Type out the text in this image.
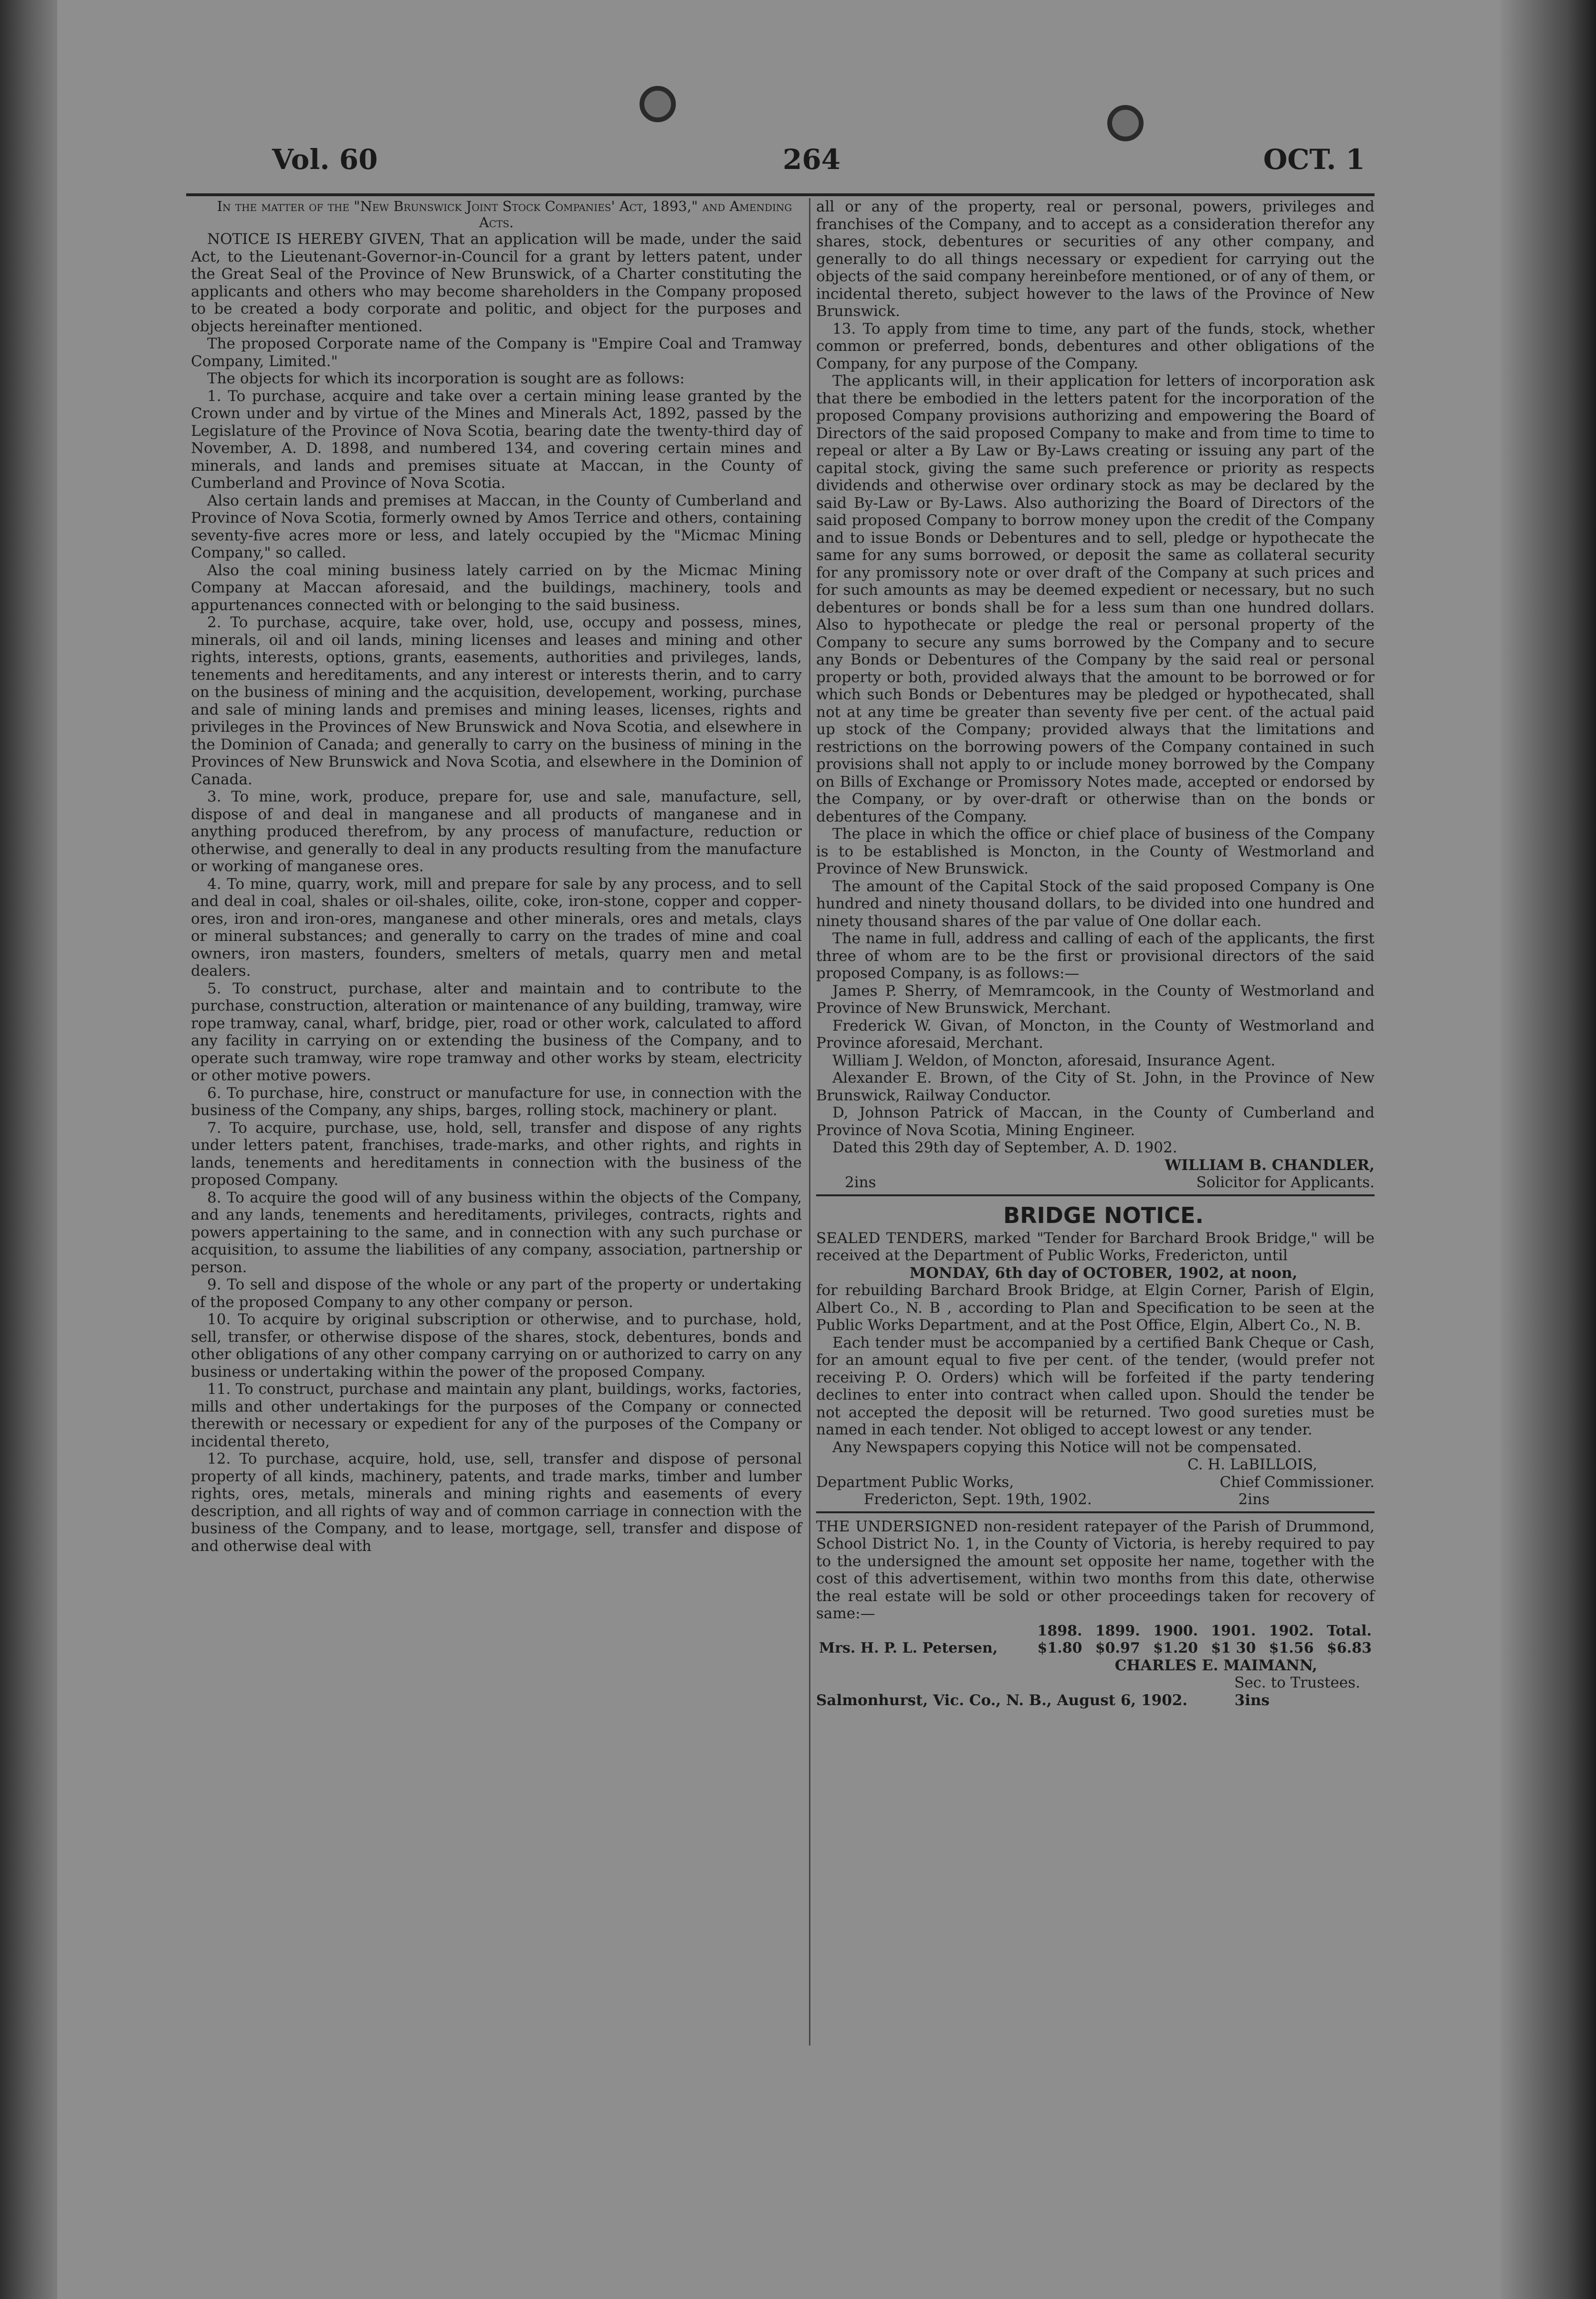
Vol. 60	264	OCT. 1

In the matter of the "New Brunswick Joint Stock Companies' Act, 1893," and Amending Acts.

NOTICE IS HEREBY GIVEN, That an application will be made, under the said Act, to the Lieutenant-Governor-in-Council for a grant by letters patent, under the Great Seal of the Province of New Brunswick, of a Charter constituting the applicants and others who may become shareholders in the Company proposed to be created a body corporate and politic, and object for the purposes and objects hereinafter mentioned.

The proposed Corporate name of the Company is "Empire Coal and Tramway Company, Limited."

The objects for which its incorporation is sought are as follows:

1. To purchase, acquire and take over a certain mining lease granted by the Crown under and by virtue of the Mines and Minerals Act, 1892, passed by the Legislature of the Province of Nova Scotia, bearing date the twenty-third day of November, A. D. 1898, and numbered 134, and covering certain mines and minerals, and lands and premises situate at Maccan, in the County of Cumberland and Province of Nova Scotia.

Also certain lands and premises at Maccan, in the County of Cumberland and Province of Nova Scotia, formerly owned by Amos Terrice and others, containing seventy-five acres more or less, and lately occupied by the "Micmac Mining Company," so called.

Also the coal mining business lately carried on by the Micmac Mining Company at Maccan aforesaid, and the buildings, machinery, tools and appurtenances connected with or belonging to the said business.

2. To purchase, acquire, take over, hold, use, occupy and possess, mines, minerals, oil and oil lands, mining licenses and leases and mining and other rights, interests, options, grants, easements, authorities and privileges, lands, tenements and hereditaments, and any interest or interests therin, and to carry on the business of mining and the acquisition, developement, working, purchase and sale of mining lands and premises and mining leases, licenses, rights and privileges in the Provinces of New Brunswick and Nova Scotia, and elsewhere in the Dominion of Canada; and generally to carry on the business of mining in the Provinces of New Brunswick and Nova Scotia, and elsewhere in the Dominion of Canada.

3. To mine, work, produce, prepare for, use and sale, manufacture, sell, dispose of and deal in manganese and all products of manganese and in anything produced therefrom, by any process of manufacture, reduction or otherwise, and generally to deal in any products resulting from the manufacture or working of manganese ores.

4. To mine, quarry, work, mill and prepare for sale by any process, and to sell and deal in coal, shales or oil-shales, oilite, coke, iron-stone, copper and copper-ores, iron and iron-ores, manganese and other minerals, ores and metals, clays or mineral substances; and generally to carry on the trades of mine and coal owners, iron masters, founders, smelters of metals, quarry men and metal dealers.

5. To construct, purchase, alter and maintain and to contribute to the purchase, construction, alteration or maintenance of any building, tramway, wire rope tramway, canal, wharf, bridge, pier, road or other work, calculated to afford any facility in carrying on or extending the business of the Company, and to operate such tramway, wire rope tramway and other works by steam, electricity or other motive powers.

6. To purchase, hire, construct or manufacture for use, in connection with the business of the Company, any ships, barges, rolling stock, machinery or plant.

7. To acquire, purchase, use, hold, sell, transfer and dispose of any rights under letters patent, franchises, trade-marks, and other rights, and rights in lands, tenements and hereditaments in connection with the business of the proposed Company.

8. To acquire the good will of any business within the objects of the Company, and any lands, tenements and hereditaments, privileges, contracts, rights and powers appertaining to the same, and in connection with any such purchase or acquisition, to assume the liabilities of any company, association, partnership or person.

9. To sell and dispose of the whole or any part of the property or undertaking of the proposed Company to any other company or person.

10. To acquire by original subscription or otherwise, and to purchase, hold, sell, transfer, or otherwise dispose of the shares, stock, debentures, bonds and other obligations of any other company carrying on or authorized to carry on any business or undertaking within the power of the proposed Company.

11. To construct, purchase and maintain any plant, buildings, works, factories, mills and other undertakings for the purposes of the Company or connected therewith or necessary or expedient for any of the purposes of the Company or incidental thereto,

12. To purchase, acquire, hold, use, sell, transfer and dispose of personal property of all kinds, machinery, patents, and trade marks, timber and lumber rights, ores, metals, minerals and mining rights and easements of every description, and all rights of way and of common carriage in connection with the business of the Company, and to lease, mortgage, sell, transfer and dispose of and otherwise deal with

all or any of the property, real or personal, powers, privileges and franchises of the Company, and to accept as a consideration therefor any shares, stock, debentures or securities of any other company, and generally to do all things necessary or expedient for carrying out the objects of the said company hereinbefore mentioned, or of any of them, or incidental thereto, subject however to the laws of the Province of New Brunswick.

13. To apply from time to time, any part of the funds, stock, whether common or preferred, bonds, debentures and other obligations of the Company, for any purpose of the Company.

The applicants will, in their application for letters of incorporation ask that there be embodied in the letters patent for the incorporation of the proposed Company provisions authorizing and empowering the Board of Directors of the said proposed Company to make and from time to time to repeal or alter a By Law or By-Laws creating or issuing any part of the capital stock, giving the same such preference or priority as respects dividends and otherwise over ordinary stock as may be declared by the said By-Law or By-Laws. Also authorizing the Board of Directors of the said proposed Company to borrow money upon the credit of the Company and to issue Bonds or Debentures and to sell, pledge or hypothecate the same for any sums borrowed, or deposit the same as collateral security for any promissory note or over draft of the Company at such prices and for such amounts as may be deemed expedient or necessary, but no such debentures or bonds shall be for a less sum than one hundred dollars. Also to hypothecate or pledge the real or personal property of the Company to secure any sums borrowed by the Company and to secure any Bonds or Debentures of the Company by the said real or personal property or both, provided always that the amount to be borrowed or for which such Bonds or Debentures may be pledged or hypothecated, shall not at any time be greater than seventy five per cent. of the actual paid up stock of the Company; provided always that the limitations and restrictions on the borrowing powers of the Company contained in such provisions shall not apply to or include money borrowed by the Company on Bills of Exchange or Promissory Notes made, accepted or endorsed by the Company, or by over-draft or otherwise than on the bonds or debentures of the Company.

The place in which the office or chief place of business of the Company is to be established is Moncton, in the County of Westmorland and Province of New Brunswick.

The amount of the Capital Stock of the said proposed Company is One hundred and ninety thousand dollars, to be divided into one hundred and ninety thousand shares of the par value of One dollar each.

The name in full, address and calling of each of the applicants, the first three of whom are to be the first or provisional directors of the said proposed Company, is as follows:—

James P. Sherry, of Memramcook, in the County of Westmorland and Province of New Brunswick, Merchant.

Frederick W. Givan, of Moncton, in the County of Westmorland and Province aforesaid, Merchant.

William J. Weldon, of Moncton, aforesaid, Insurance Agent.

Alexander E. Brown, of the City of St. John, in the Province of New Brunswick, Railway Conductor.

D, Johnson Patrick of Maccan, in the County of Cumberland and Province of Nova Scotia, Mining Engineer.

Dated this 29th day of September, A. D. 1902.

WILLIAM B. CHANDLER,

2ins	Solicitor for Applicants.

BRIDGE NOTICE.

SEALED TENDERS, marked "Tender for Barchard Brook Bridge," will be received at the Department of Public Works, Fredericton, until

MONDAY, 6th day of OCTOBER, 1902, at noon,

for rebuilding Barchard Brook Bridge, at Elgin Corner, Parish of Elgin, Albert Co., N. B , according to Plan and Specification to be seen at the Public Works Department, and at the Post Office, Elgin, Albert Co., N. B.

Each tender must be accompanied by a certified Bank Cheque or Cash, for an amount equal to five per cent. of the tender, (would prefer not receiving P. O. Orders) which will be forfeited if the party tendering declines to enter into contract when called upon. Should the tender be not accepted the deposit will be returned. Two good sureties must be named in each tender. Not obliged to accept lowest or any tender.

Any Newspapers copying this Notice will not be compensated.

C. H. LaBILLOIS,

Department Public Works,	Chief Commissioner.
Fredericton, Sept. 19th, 1902.	2ins

THE UNDERSIGNED non-resident ratepayer of the Parish of Drummond, School District No. 1, in the County of Victoria, is hereby required to pay to the undersigned the amount set opposite her name, together with the cost of this advertisement, within two months from this date, otherwise the real estate will be sold or other proceedings taken for recovery of same:—

	1898.	1899.	1900.	1901.	1902.	Total.
Mrs. H. P. L. Petersen,	$1.80	$0.97	$1.20	$1 30	$1.56	$6.83

CHARLES E. MAIMANN,

Sec. to Trustees.

Salmonhurst, Vic. Co., N. B., August 6, 1902.	3ins
